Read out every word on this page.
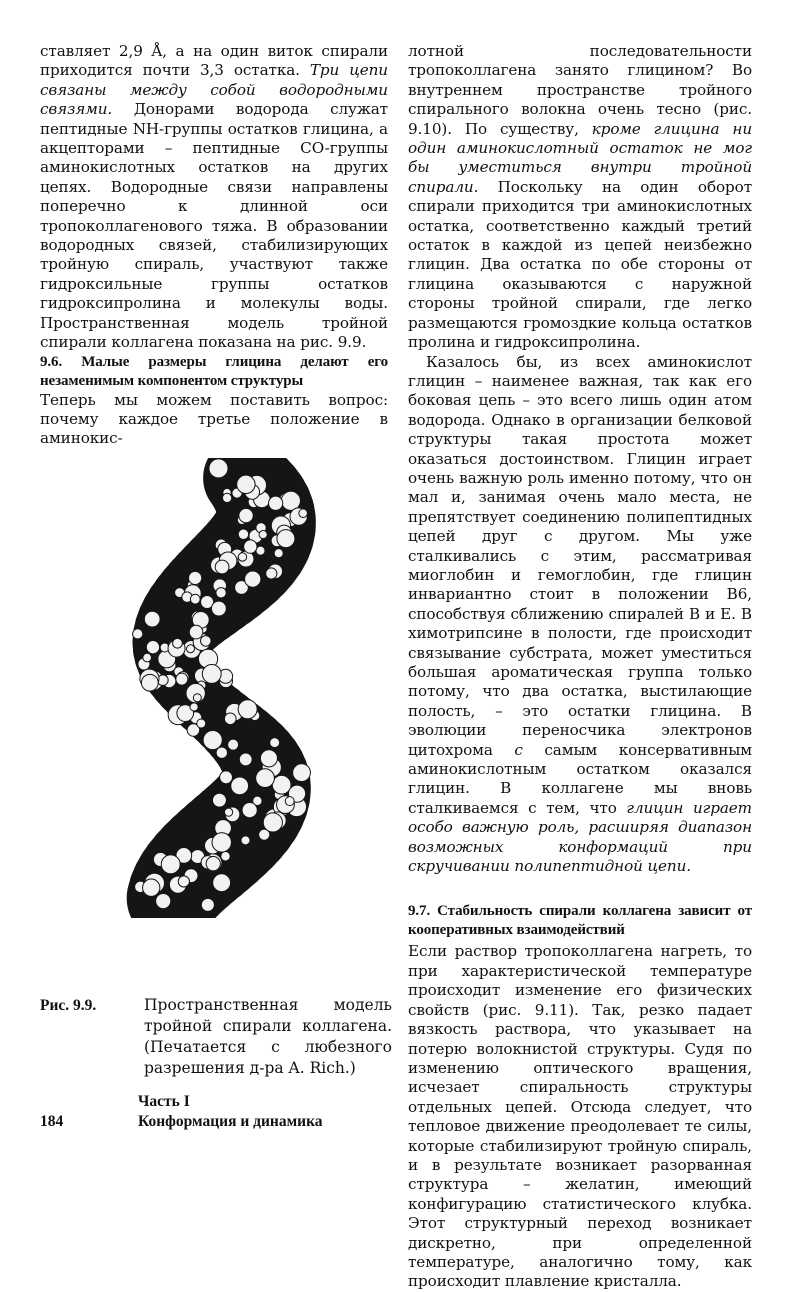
ставляет 2,9 Å, а на один виток спирали приходится почти 3,3 остатка. Три цепи связаны между собой водородными связями. Донорами водорода служат пептидные NH-группы остатков глицина, а акцепторами – пептидные CO-группы аминокислотных остатков на других цепях. Водородные связи направлены поперечно к длинной оси тропоколлагенового тяжа. В образовании водородных связей, стабилизирующих тройную спираль, участвуют также гидроксильные группы остатков гидроксипролина и молекулы воды. Пространственная модель тройной спирали коллагена показана на рис. 9.9.

9.6. Малые размеры глицина делают его незаменимым компонентом структуры

Теперь мы можем поставить вопрос: почему каждое третье положение в аминокис-

Рис. 9.9.	Пространственная модель тройной спирали коллагена. (Печатается с любезного разрешения д-ра A. Rich.)

лотной последовательности тропоколлагена занято глицином? Во внутреннем пространстве тройного спирального волокна очень тесно (рис. 9.10). По существу, кроме глицина ни один аминокислотный остаток не мог бы уместиться внутри тройной спирали. Поскольку на один оборот спирали приходится три аминокислотных остатка, соответственно каждый третий остаток в каждой из цепей неизбежно глицин. Два остатка по обе стороны от глицина оказываются с наружной стороны тройной спирали, где легко размещаются громоздкие кольца остатков пролина и гидроксипролина.

Казалось бы, из всех аминокислот глицин – наименее важная, так как его боковая цепь – это всего лишь один атом водорода. Однако в организации белковой структуры такая простота может оказаться достоинством. Глицин играет очень важную роль именно потому, что он мал и, занимая очень мало места, не препятствует соединению полипептидных цепей друг с другом. Мы уже сталкивались с этим, рассматривая миоглобин и гемоглобин, где глицин инвариантно стоит в положении B6, способствуя сближению спиралей B и E. В химотрипсине в полости, где происходит связывание субстрата, может уместиться большая ароматическая группа только потому, что два остатка, выстилающие полость, – это остатки глицина. В эволюции переносчика электронов цитохрома c самым консервативным аминокислотным остатком оказался глицин. В коллагене мы вновь сталкиваемся с тем, что глицин играет особо важную роль, расширяя диапазон возможных конформаций при скручивании полипептидной цепи.

9.7. Стабильность спирали коллагена зависит от кооперативных взаимодействий

Если раствор тропоколлагена нагреть, то при характеристической температуре происходит изменение его физических свойств (рис. 9.11). Так, резко падает вязкость раствора, что указывает на потерю волокнистой структуры. Судя по изменению оптического вращения, исчезает спиральность структуры отдельных цепей. Отсюда следует, что тепловое движение преодолевает те силы, которые стабилизируют тройную спираль, и в результате возникает разорванная структура – желатин, имеющий конфигурацию статистического клубка. Этот структурный переход возникает дискретно, при определенной температуре, аналогично тому, как происходит плавление кристалла.

184
Часть I
Конформация и динамика
